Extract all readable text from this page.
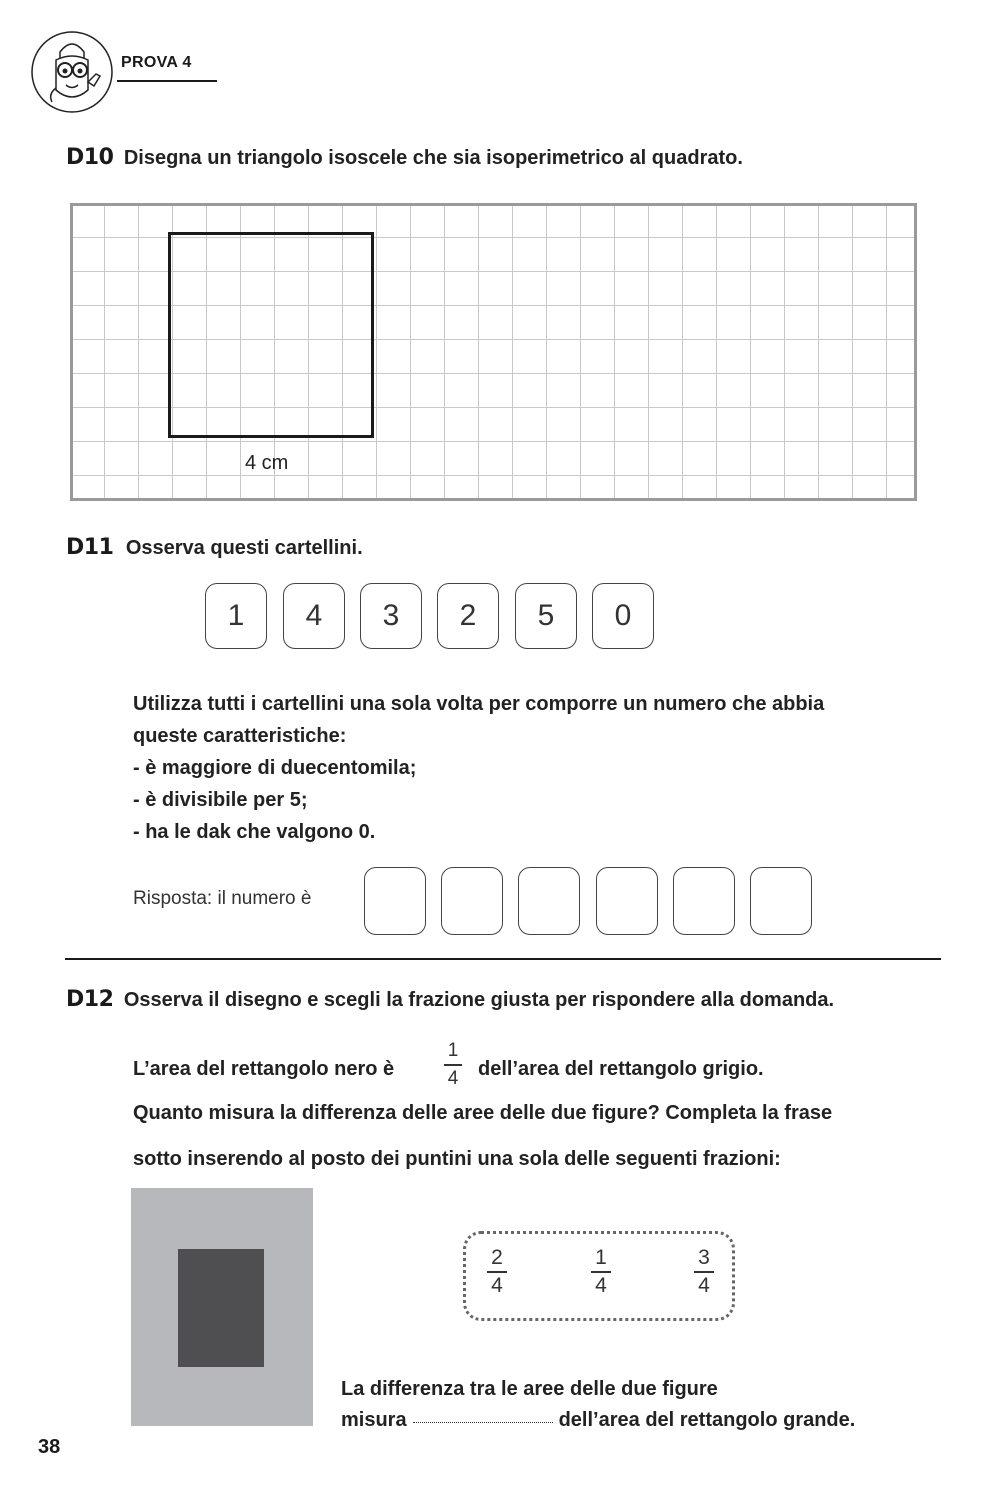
PROVA 4
D10 Disegna un triangolo isoscele che sia isoperimetrico al quadrato.
4 cm
D11 Osserva questi cartellini.
1	4	3	2	5	0
Utilizza tutti i cartellini una sola volta per comporre un numero che abbia
queste caratteristiche:
- è maggiore di duecentomila;
- è divisibile per 5;
- ha le dak che valgono 0.
Risposta: il numero è
D12 Osserva il disegno e scegli la frazione giusta per rispondere alla domanda.
L’area del rettangolo nero è
1
4 dell’area del rettangolo grigio.
Quanto misura la differenza delle aree delle due figure? Completa la frase
sotto inserendo al posto dei puntini una sola delle seguenti frazioni:
2
4
1
4
3
4
La differenza tra le aree delle due figure
misura	dell’area del rettangolo grande.
38
